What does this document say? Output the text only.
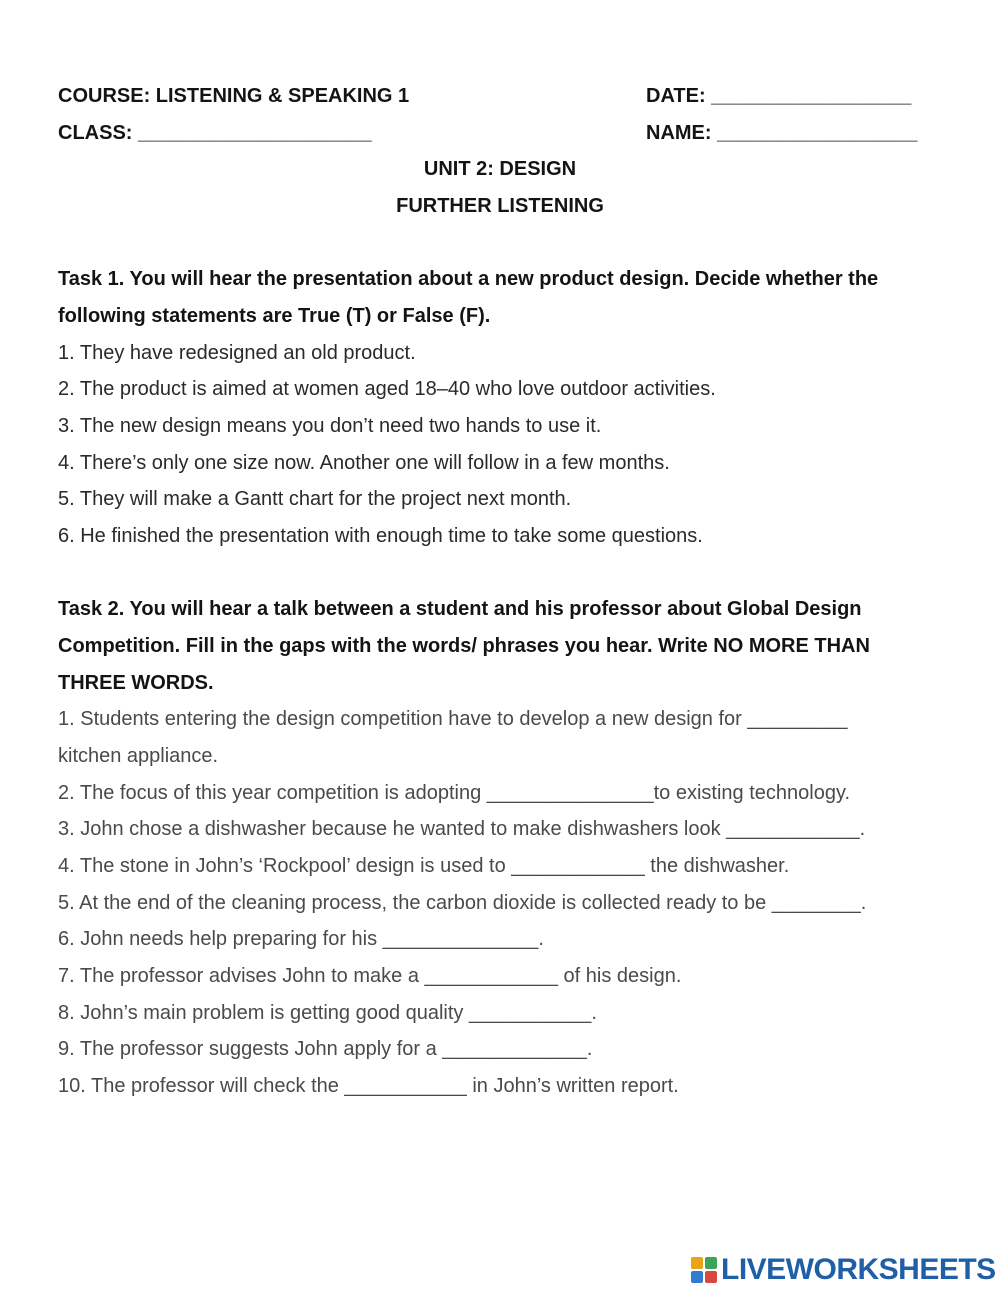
COURSE: LISTENING & SPEAKING 1	DATE: __________________
CLASS: _____________________	NAME: __________________
UNIT 2: DESIGN
FURTHER LISTENING
Task 1. You will hear the presentation about a new product design. Decide whether the
following statements are True (T) or False (F).
1. They have redesigned an old product.
2. The product is aimed at women aged 18–40 who love outdoor activities.
3. The new design means you don’t need two hands to use it.
4. There’s only one size now. Another one will follow in a few months.
5. They will make a Gantt chart for the project next month.
6. He finished the presentation with enough time to take some questions.
Task 2. You will hear a talk between a student and his professor about Global Design
Competition. Fill in the gaps with the words/ phrases you hear. Write NO MORE THAN
THREE WORDS.
1. Students entering the design competition have to develop a new design for _________
kitchen appliance.
2. The focus of this year competition is adopting _______________to existing technology.
3. John chose a dishwasher because he wanted to make dishwashers look ____________.
4. The stone in John’s ‘Rockpool’ design is used to ____________ the dishwasher.
5. At the end of the cleaning process, the carbon dioxide is collected ready to be ________.
6. John needs help preparing for his ______________.
7. The professor advises John to make a ____________ of his design.
8. John’s main problem is getting good quality ___________.
9. The professor suggests John apply for a _____________.
10. The professor will check the ___________ in John’s written report.
LIVEWORKSHEETS
